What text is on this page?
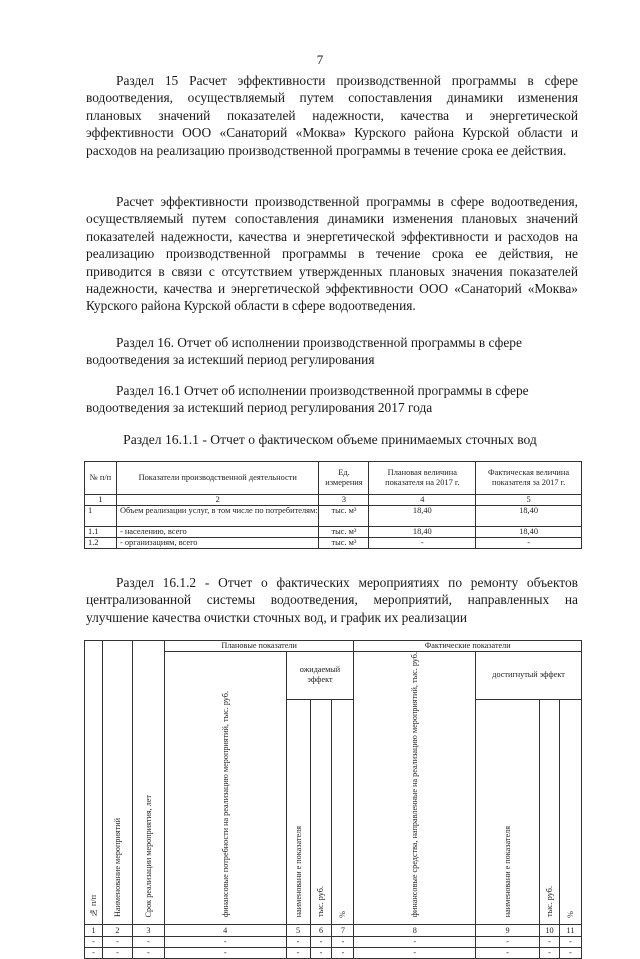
7
Раздел 15 Расчет эффективности производственной программы в сфере водоотведения, осуществляемый путем сопоставления динамики изменения плановых значений показателей надежности, качества и энергетической эффективности ООО «Санаторий «Моква» Курского района Курской области и расходов на реализацию производственной программы в течение срока ее действия.
Расчет эффективности производственной программы в сфере водоотведения, осуществляемый путем сопоставления динамики изменения плановых значений показателей надежности, качества и энергетической эффективности и расходов на реализацию производственной программы в течение срока ее действия, не приводится в связи с отсутствием утвержденных плановых значения показателей надежности, качества и энергетической эффективности ООО «Санаторий «Моква» Курского района Курской области в сфере водоотведения.
Раздел 16. Отчет об исполнении производственной программы в сфере водоотведения за истекший период регулирования
Раздел 16.1 Отчет об исполнении производственной программы в сфере водоотведения за истекший период регулирования 2017 года
Раздел 16.1.1 - Отчет о фактическом объеме принимаемых сточных вод
№ п/п	Показатели производственной деятельности	Ед. измерения	Плановая величина показателя на 2017 г.	Фактическая величина показателя за 2017 г.
1	2	3	4	5
1	Объем реализации услуг, в том числе по потребителям:	тыс. м³	18,40	18,40
1.1	- населению, всего	тыс. м³	18,40	18,40
1.2	- организациям, всего	тыс. м³	-	-
Раздел 16.1.2 - Отчет о фактических мероприятиях по ремонту объектов централизованной системы водоотведения, мероприятий, направленных на улучшение качества очистки сточных вод, и график их реализации
№ п/п	Наименование мероприятий	Срок реализации мероприятия, лет	Плановые показатели				Фактические показатели			
			финансовые потребности на реализацию мероприятий, тыс. руб.	ожидаемый эффект			финансовые средства, направленные на реализацию мероприятий, тыс. руб.	достигнутый эффект		
				наименовани е показателя	тыс. руб.	%		наименовани е показателя	тыс. руб.	%
1	2	3	4	5	6	7	8	9	10	11
-	-	-	-	-	-	-	-	-	-	-
-	-	-	-	-	-	-	-	-	-	-
